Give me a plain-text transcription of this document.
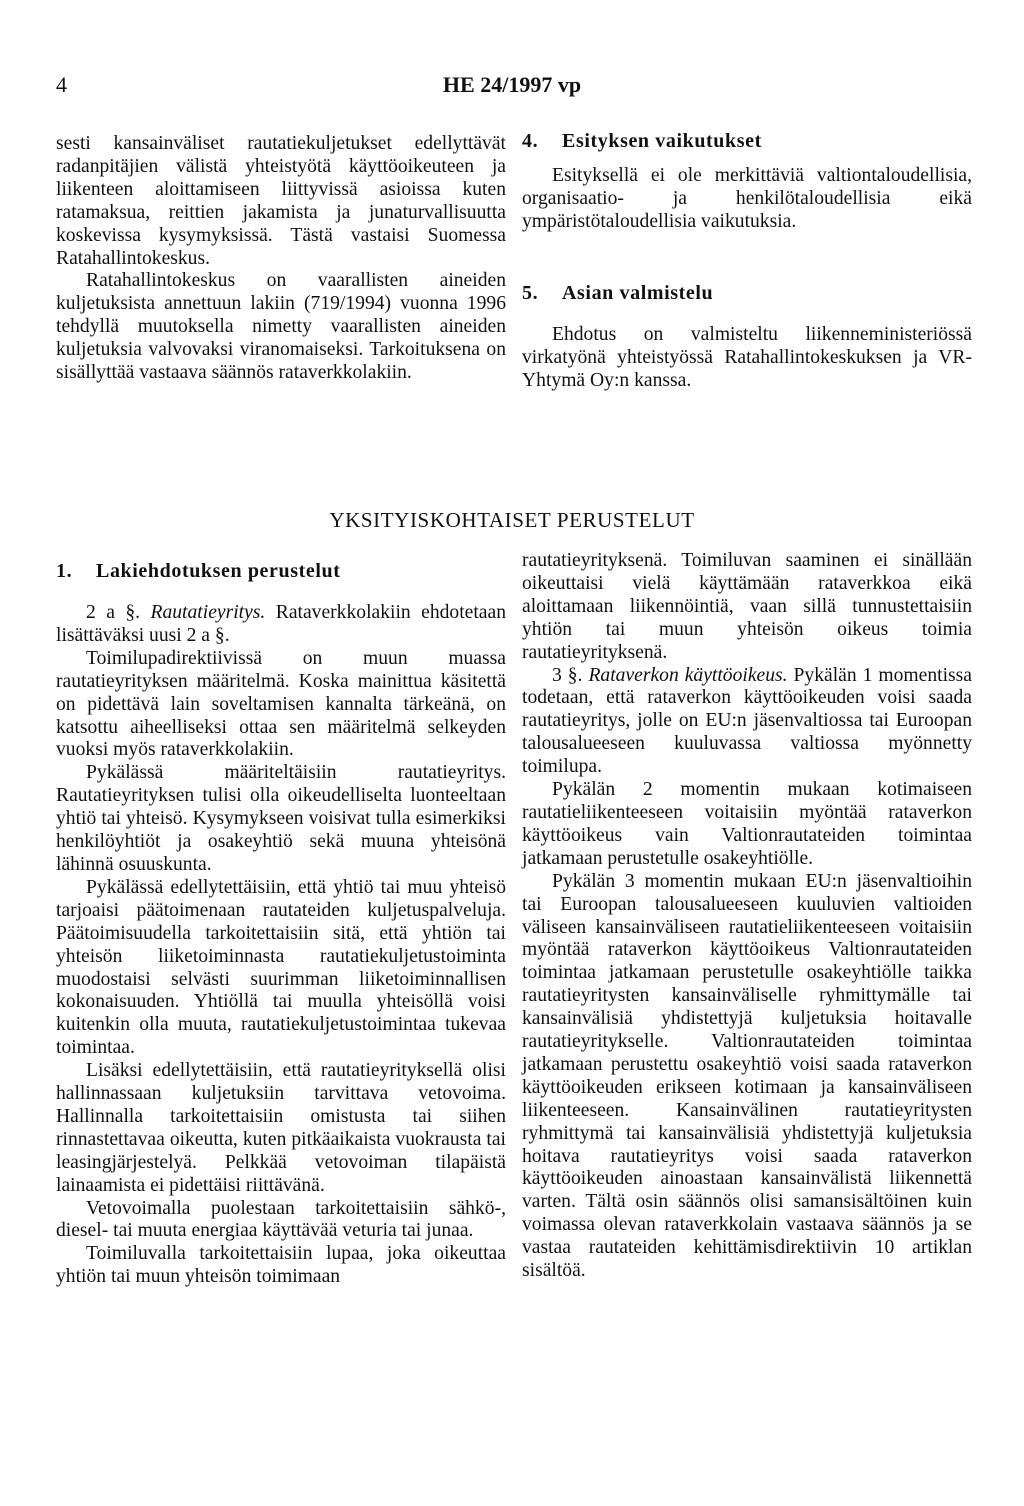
4	HE 24/1997 vp

sesti kansainväliset rautatiekuljetukset edellyttävät radanpitäjien välistä yhteistyötä käyttöoikeuteen ja liikenteen aloittamiseen liittyvissä asioissa kuten ratamaksua, reittien jakamista ja junaturvallisuutta koskevissa kysymyksissä. Tästä vastaisi Suomessa Ratahallintokeskus.

Ratahallintokeskus on vaarallisten aineiden kuljetuksista annettuun lakiin (719/1994) vuonna 1996 tehdyllä muutoksella nimetty vaarallisten aineiden kuljetuksia valvovaksi viranomaiseksi. Tarkoituksena on sisällyttää vastaava säännös rataverkkolakiin.

4. Esityksen vaikutukset

Esityksellä ei ole merkittäviä valtiontaloudellisia, organisaatio- ja henkilötaloudellisia eikä ympäristötaloudellisia vaikutuksia.

5. Asian valmistelu

Ehdotus on valmisteltu liikenneministeriössä virkatyönä yhteistyössä Ratahallintokeskuksen ja VR-Yhtymä Oy:n kanssa.

YKSITYISKOHTAISET PERUSTELUT
1. Lakiehdotuksen perustelut

2 a §. Rautatieyritys. Rataverkkolakiin ehdotetaan lisättäväksi uusi 2 a §.

Toimilupadirektiivissä on muun muassa rautatieyrityksen määritelmä. Koska mainittua käsitettä on pidettävä lain soveltamisen kannalta tärkeänä, on katsottu aiheelliseksi ottaa sen määritelmä selkeyden vuoksi myös rataverkkolakiin.

Pykälässä määriteltäisiin rautatieyritys. Rautatieyrityksen tulisi olla oikeudelliselta luonteeltaan yhtiö tai yhteisö. Kysymykseen voisivat tulla esimerkiksi henkilöyhtiöt ja osakeyhtiö sekä muuna yhteisönä lähinnä osuuskunta.

Pykälässä edellytettäisiin, että yhtiö tai muu yhteisö tarjoaisi päätoimenaan rautateiden kuljetuspalveluja. Päätoimisuudella tarkoitettaisiin sitä, että yhtiön tai yhteisön liiketoiminnasta rautatiekuljetustoiminta muodostaisi selvästi suurimman liiketoiminnallisen kokonaisuuden. Yhtiöllä tai muulla yhteisöllä voisi kuitenkin olla muuta, rautatiekuljetustoimintaa tukevaa toimintaa.

Lisäksi edellytettäisiin, että rautatieyrityksellä olisi hallinnassaan kuljetuksiin tarvittava vetovoima. Hallinnalla tarkoitettaisiin omistusta tai siihen rinnastettavaa oikeutta, kuten pitkäaikaista vuokrausta tai leasingjärjestelyä. Pelkkää vetovoiman tilapäistä lainaamista ei pidettäisi riittävänä.

Vetovoimalla puolestaan tarkoitettaisiin sähkö-, diesel- tai muuta energiaa käyttävää veturia tai junaa.

Toimiluvalla tarkoitettaisiin lupaa, joka oikeuttaa yhtiön tai muun yhteisön toimimaan

rautatieyrityksenä. Toimiluvan saaminen ei sinällään oikeuttaisi vielä käyttämään rataverkkoa eikä aloittamaan liikennöintiä, vaan sillä tunnustettaisiin yhtiön tai muun yhteisön oikeus toimia rautatieyrityksenä.

3 §. Rataverkon käyttöoikeus. Pykälän 1 momentissa todetaan, että rataverkon käyttöoikeuden voisi saada rautatieyritys, jolle on EU:n jäsenvaltiossa tai Euroopan talousalueeseen kuuluvassa valtiossa myönnetty toimilupa.

Pykälän 2 momentin mukaan kotimaiseen rautatieliikenteeseen voitaisiin myöntää rataverkon käyttöoikeus vain Valtionrautateiden toimintaa jatkamaan perustetulle osakeyhtiölle.

Pykälän 3 momentin mukaan EU:n jäsenvaltioihin tai Euroopan talousalueeseen kuuluvien valtioiden väliseen kansainväliseen rautatieliikenteeseen voitaisiin myöntää rataverkon käyttöoikeus Valtionrautateiden toimintaa jatkamaan perustetulle osakeyhtiölle taikka rautatieyritysten kansainväliselle ryhmittymälle tai kansainvälisiä yhdistettyjä kuljetuksia hoitavalle rautatieyritykselle. Valtionrautateiden toimintaa jatkamaan perustettu osakeyhtiö voisi saada rataverkon käyttöoikeuden erikseen kotimaan ja kansainväliseen liikenteeseen. Kansainvälinen rautatieyritysten ryhmittymä tai kansainvälisiä yhdistettyjä kuljetuksia hoitava rautatieyritys voisi saada rataverkon käyttöoikeuden ainoastaan kansainvälistä liikennettä varten. Tältä osin säännös olisi samansisältöinen kuin voimassa olevan rataverkkolain vastaava säännös ja se vastaa rautateiden kehittämisdirektiivin 10 artiklan sisältöä.
